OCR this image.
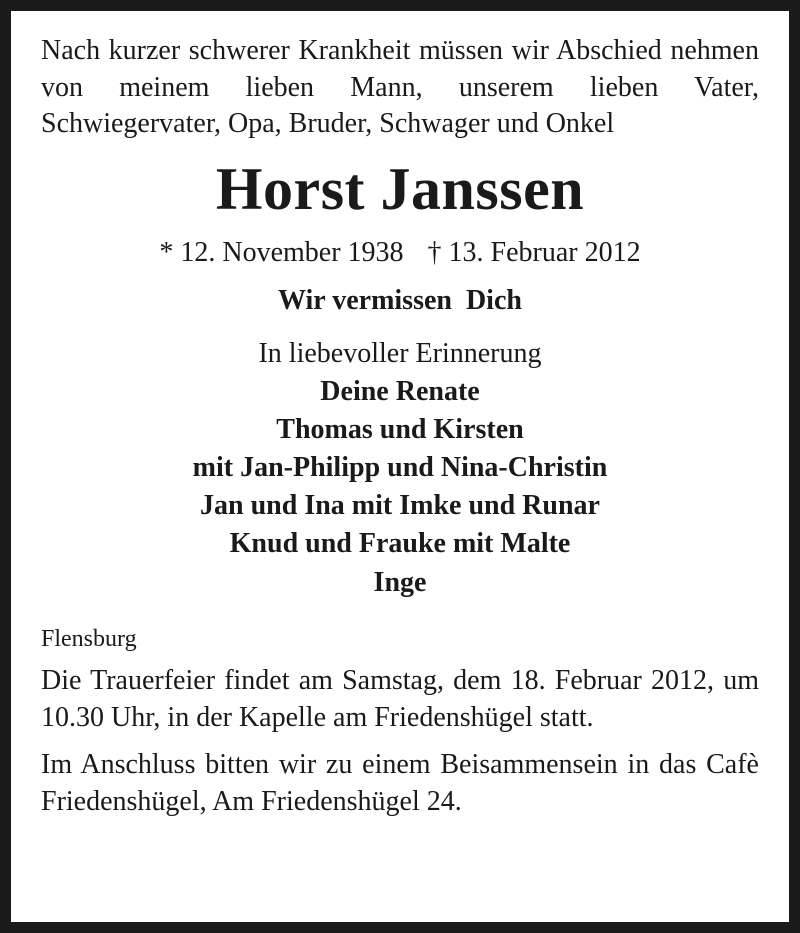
Nach kurzer schwerer Krankheit müssen wir Abschied nehmen von meinem lieben Mann, unserem lieben Vater, Schwiegervater, Opa, Bruder, Schwager und Onkel
Horst Janssen
* 12. November 1938 † 13. Februar 2012
Wir vermissen  Dich
In liebevoller Erinnerung
Deine Renate
Thomas und Kirsten
mit Jan-Philipp und Nina-Christin
Jan und Ina mit Imke und Runar
Knud und Frauke mit Malte
Inge
Flensburg
Die Trauerfeier findet am Samstag, dem 18. Februar 2012, um 10.30 Uhr, in der Kapelle am Friedenshügel statt.
Im Anschluss bitten wir zu einem Beisammensein in das Cafè Friedenshügel, Am Friedenshügel 24.
